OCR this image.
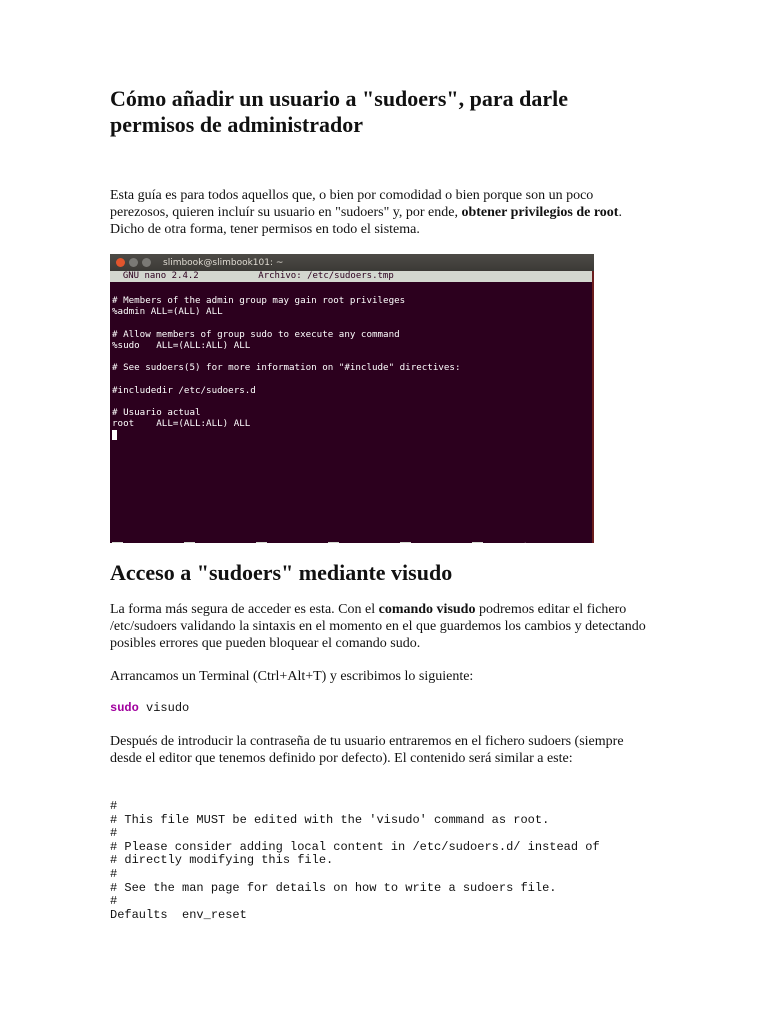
Cómo añadir un usuario a "sudoers", para darle permisos de administrador

Esta guía es para todos aquellos que, o bien por comodidad o bien porque son un poco perezosos, quieren incluír su usuario en "sudoers" y, por ende, obtener privilegios de root. Dicho de otra forma, tener permisos en todo el sistema.

slimbook@slimbook101: ~
GNU nano 2.4.2           Archivo: /etc/sudoers.tmp
# Members of the admin group may gain root privileges
%admin ALL=(ALL) ALL

# Allow members of group sudo to execute any command
%sudo   ALL=(ALL:ALL) ALL

# See sudoers(5) for more information on "#include" directives:

#includedir /etc/sudoers.d

# Usuario actual
root    ALL=(ALL:ALL) ALL

Acceso a "sudoers" mediante visudo

La forma más segura de acceder es esta. Con el comando visudo podremos editar el fichero /etc/sudoers validando la sintaxis en el momento en el que guardemos los cambios y detectando posibles errores que pueden bloquear el comando sudo.

Arrancamos un Terminal (Ctrl+Alt+T) y escribimos lo siguiente:

sudo visudo

Después de introducir la contraseña de tu usuario entraremos en el fichero sudoers (siempre desde el editor que tenemos definido por defecto). El contenido será similar a este:

#
# This file MUST be edited with the 'visudo' command as root.
#
# Please consider adding local content in /etc/sudoers.d/ instead of
# directly modifying this file.
#
# See the man page for details on how to write a sudoers file.
#
Defaults  env_reset
